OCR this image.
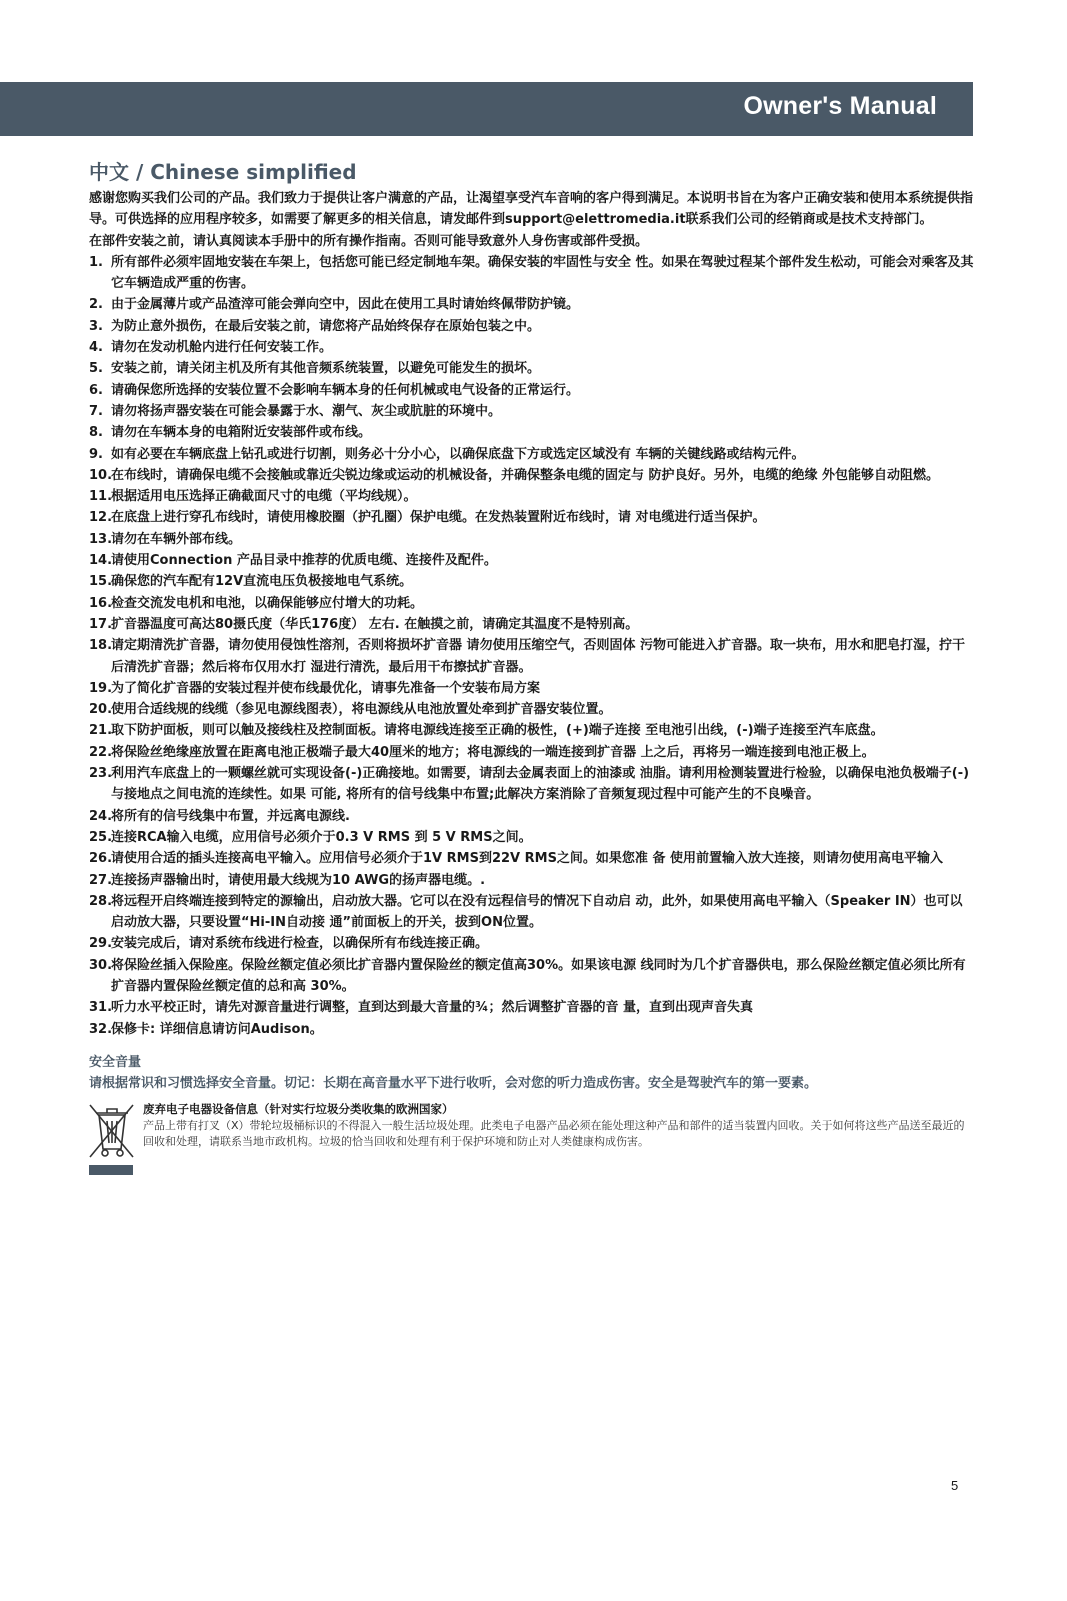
Owner's Manual
中文 / Chinese simplified

感谢您购买我们公司的产品。我们致力于提供让客户满意的产品，让渴望享受汽车音响的客户得到满足。本说明书旨在为客户正确安装和使用本系统提供指导。可供选择的应用程序较多，如需要了解更多的相关信息，请发邮件到support@elettromedia.it联系我们公司的经销商或是技术支持部门。

在部件安装之前，请认真阅读本手册中的所有操作指南。否则可能导致意外人身伤害或部件受损。

1. 所有部件必须牢固地安装在车架上，包括您可能已经定制地车架。确保安装的牢固性与安全 性。如果在驾驶过程某个部件发生松动，可能会对乘客及其它车辆造成严重的伤害。
2. 由于金属薄片或产品渣滓可能会弹向空中，因此在使用工具时请始终佩带防护镜。
3. 为防止意外损伤，在最后安装之前，请您将产品始终保存在原始包装之中。
4. 请勿在发动机舱内进行任何安装工作。
5. 安装之前，请关闭主机及所有其他音频系统装置，以避免可能发生的损坏。
6. 请确保您所选择的安装位置不会影响车辆本身的任何机械或电气设备的正常运行。
7. 请勿将扬声器安装在可能会暴露于水、潮气、灰尘或肮脏的环境中。
8. 请勿在车辆本身的电箱附近安装部件或布线。
9. 如有必要在车辆底盘上钻孔或进行切割，则务必十分小心，以确保底盘下方或选定区域没有 车辆的关键线路或结构元件。
10.
在布线时，请确保电缆不会接触或靠近尖锐边缘或运动的机械设备，并确保整条电缆的固定与 防护良好。另外，电缆的绝缘 外包能够自动阻燃。
11.
根据适用电压选择正确截面尺寸的电缆（平均线规）。
12.
在底盘上进行穿孔布线时，请使用橡胶圈（护孔圈）保护电缆。在发热装置附近布线时，请 对电缆进行适当保护。
13.
请勿在车辆外部布线。
14.
请使用Connection 产品目录中推荐的优质电缆、连接件及配件。
15.
确保您的汽车配有12V直流电压负极接地电气系统。
16.
检查交流发电机和电池，以确保能够应付增大的功耗。
17.
扩音器温度可高达80摄氏度（华氏176度） 左右. 在触摸之前，请确定其温度不是特别高。
18.
请定期清洗扩音器，请勿使用侵蚀性溶剂，否则将损坏扩音器 请勿使用压缩空气，否则固体 污物可能进入扩音器。取一块布，用水和肥皂打湿，拧干后清洗扩音器；然后将布仅用水打 湿进行清洗，最后用干布擦拭扩音器。
19.
为了简化扩音器的安装过程并使布线最优化，请事先准备一个安装布局方案
20.
使用合适线规的线缆（参见电源线图表），将电源线从电池放置处牵到扩音器安装位置。
21.
取下防护面板，则可以触及接线柱及控制面板。请将电源线连接至正确的极性，(+)端子连接 至电池引出线，(-)端子连接至汽车底盘。
22.
将保险丝绝缘座放置在距离电池正极端子最大40厘米的地方；将电源线的一端连接到扩音器 上之后，再将另一端连接到电池正极上。
23.
利用汽车底盘上的一颗螺丝就可实现设备(-)正确接地。如需要，请刮去金属表面上的油漆或 油脂。请利用检测装置进行检验，以确保电池负极端子(-)与接地点之间电流的连续性。如果 可能, 将所有的信号线集中布置;此解决方案消除了音频复现过程中可能产生的不良噪音。
24.
将所有的信号线集中布置，并远离电源线.
25.
连接RCA输入电缆，应用信号必须介于0.3 V RMS 到 5 V RMS之间。
26.
请使用合适的插头连接高电平输入。应用信号必须介于1V RMS到22V RMS之间。如果您准 备 使用前置输入放大连接，则请勿使用高电平输入
27.
连接扬声器输出时，请使用最大线规为10 AWG的扬声器电缆。.
28.
将远程开启终端连接到特定的源输出，启动放大器。它可以在没有远程信号的情况下自动启 动，此外，如果使用高电平输入（Speaker IN）也可以启动放大器，只要设置“Hi-IN自动接 通”前面板上的开关，拔到ON位置。
29.
安装完成后，请对系统布线进行检查，以确保所有布线连接正确。
30.
将保险丝插入保险座。保险丝额定值必须比扩音器内置保险丝的额定值高30%。如果该电源 线同时为几个扩音器供电，那么保险丝额定值必须比所有扩音器内置保险丝额定值的总和高 30%。
31.
听力水平校正时，请先对源音量进行调整，直到达到最大音量的¾；然后调整扩音器的音 量，直到出现声音失真
32.
保修卡: 详细信息请访问Audison。
安全音量

请根据常识和习惯选择安全音量。切记：长期在高音量水平下进行收听，会对您的听力造成伤害。安全是驾驶汽车的第一要素。

废弃电子电器设备信息（针对实行垃圾分类收集的欧洲国家）
产品上带有打叉（X）带轮垃圾桶标识的不得混入一般生活垃圾处理。此类电子电器产品必须在能处理这种产品和部件的适当装置内回收。关于如何将这些产品送至最近的回收和处理，请联系当地市政机构。垃圾的恰当回收和处理有利于保护环境和防止对人类健康构成伤害。
5
